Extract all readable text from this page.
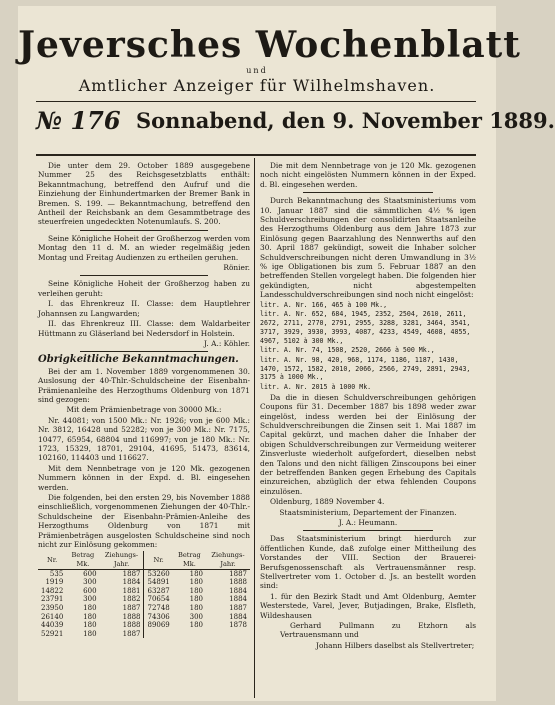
Jeversches Wochenblatt
und
Amtlicher Anzeiger für Wilhelmshaven.
№ 176 Sonnabend, den 9. November 1889.

Die unter dem 29. October 1889 ausgegebene Nummer 25 des Reichsgesetzblatts enthält: Bekanntmachung, betreffend den Aufruf und die Einziehung der Einhundertmarken der Bremer Bank in Bremen. S. 199. — Bekanntmachung, betreffend den Antheil der Reichsbank an dem Gesammtbetrage des steuerfreien ungedeckten Notenumlaufs. S. 200.

Seine Königliche Hoheit der Großherzog werden vom Montag den 11 d. M. an wieder regelmäßig jeden Montag und Freitag Audienzen zu ertheilen geruhen.

Rönier.

Seine Königliche Hoheit der Großherzog haben zu verleihen geruht:

I. das Ehrenkreuz II. Classe: dem Hauptlehrer Johannsen zu Langwarden;

II. das Ehrenkreuz III. Classe: dem Waldarbeiter Hüttmann zu Gläserland bei Nedersdorf in Holstein.

J. A.: Köhler.

Obrigkeitliche Bekanntmachungen.

Bei der am 1. November 1889 vorgenommenen 30. Auslosung der 40-Thlr.-Schuldscheine der Eisenbahn-Prämienanleihe des Herzogthums Oldenburg von 1871 sind gezogen:

Mit dem Prämienbetrage von 30000 Mk.:

Nr. 44081; von 1500 Mk.: Nr. 1926; von je 600 Mk.: Nr. 3812, 16428 und 52282; von je 300 Mk.: Nr. 7175, 10477, 65954, 68804 und 116997; von je 180 Mk.: Nr. 1723, 15329, 18701, 29104, 41695, 51473, 83614, 102160, 114403 und 116627.

Mit dem Nennbetrage von je 120 Mk. gezogenen Nummern können in der Expd. d. Bl. eingesehen werden.

Die folgenden, bei den ersten 29, bis November 1888 einschließlich, vorgenommenen Ziehungen der 40-Thlr.-Schuldscheine der Eisenbahn-Prämien-Anleihe des Herzogthums Oldenburg von 1871 mit Prämienbeträgen ausgelosten Schuldscheine sind noch nicht zur Einlösung gekommen:

Nr.	Betrag Mk.	Ziehungs-Jahr.	Nr.	Betrag Mk.	Ziehungs-Jahr.
535	600	1887	53260	180	1887
1919	300	1884	54891	180	1888
14822	600	1881	63287	180	1884
23791	300	1882	70654	180	1884
23950	180	1887	72748	180	1887
26140	180	1888	74306	300	1884
44039	180	1888	89069	180	1878
52921	180	1887			

Die mit dem Nennbetrage von je 120 Mk. gezogenen noch nicht eingelösten Nummern können in der Exped. d. Bl. eingesehen werden.

Durch Bekanntmachung des Staatsministeriums vom 10. Januar 1887 sind die sämmtlichen 4½ % igen Schuldverschreibungen der consolidirten Staatsanleihe des Herzogthums Oldenburg aus dem Jahre 1873 zur Einlösung gegen Baarzahlung des Nennwerths auf den 30. April 1887 gekündigt, soweit die Inhaber solcher Schuldverschreibungen nicht deren Umwandlung in 3½ % ige Obligationen bis zum 5. Februar 1887 an den betreffenden Stellen vorgelegt haben. Die folgenden hier gekündigten, nicht abgestempelten Landesschuldverschreibungen sind noch nicht eingelöst:

litr. A. Nr. 166, 465 à 100 Mk.,

litr. A. Nr. 652, 684, 1945, 2352, 2504, 2610, 2611, 2672, 2711, 2770, 2791, 2955, 3288, 3281, 3464, 3541, 3717, 3929, 3930, 3993, 4087, 4233, 4549, 4608, 4855, 4967, 5102 à 300 Mk.,

litr. A. Nr. 74, 1508, 2520, 2666 à 500 Mk.,

litr. A. Nr. 98, 420, 968, 1174, 1186, 1187, 1430, 1470, 1572, 1582, 2010, 2066, 2566, 2749, 2891, 2943, 3175 à 1000 Mk.,

litr. A. Nr. 2015 à 1000 Mk.

Da die in diesen Schuldverschreibungen gehörigen Coupons für 31. December 1887 bis 1898 weder zwar eingelöst, indess werden bei der Einlösung der Schuldverschreibungen die Zinsen seit 1. Mai 1887 im Capital gekürzt, und machen daher die Inhaber der obigen Schuldverschreibungen zur Vermeidung weiterer Zinsverluste wiederholt aufgefordert, dieselben nebst den Talons und den nicht fälligen Zinscoupons bei einer der betreffenden Banken gegen Erhebung des Capitals einzureichen, abzüglich der etwa fehlenden Coupons einzulösen.

Oldenburg, 1889 November 4.

Staatsministerium, Departement der Finanzen.

J. A.: Heumann.

Das Staatsministerium bringt hierdurch zur öffentlichen Kunde, daß zufolge einer Mittheilung des Vorstandes der VIII. Section der Brauerei-Berufsgenossenschaft als Vertrauensmänner resp. Stellvertreter vom 1. October d. Js. an bestellt worden sind:

1. für den Bezirk Stadt und Amt Oldenburg, Aemter Westerstede, Varel, Jever, Butjadingen, Brake, Elsfleth, Wildeshausen

Gerhard Pullmann zu Etzhorn als Vertrauensmann und

Johann Hilbers daselbst als Stellvertreter;
